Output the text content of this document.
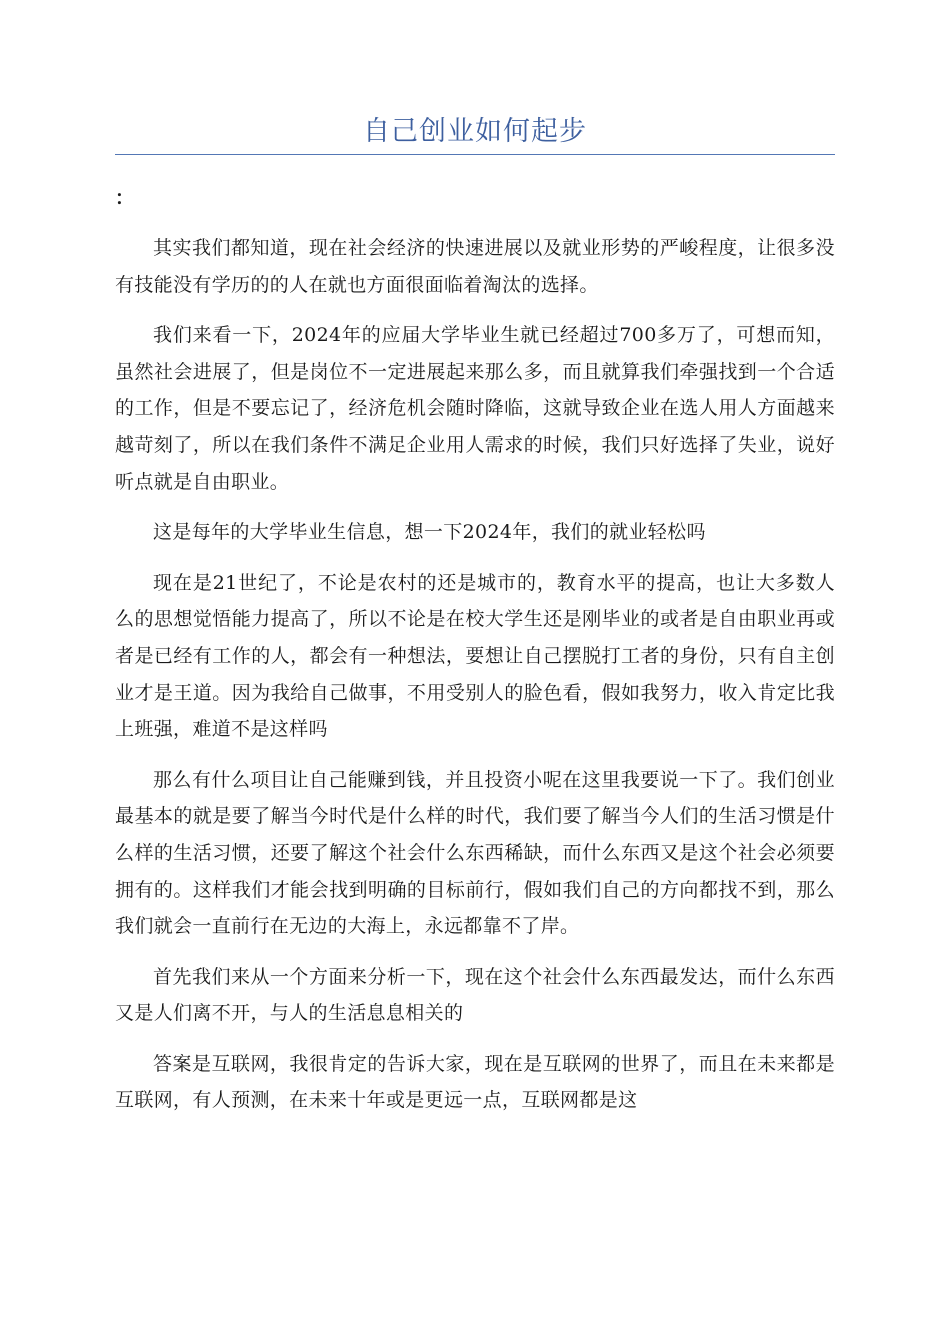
自己创业如何起步
：

其实我们都知道，现在社会经济的快速进展以及就业形势的严峻程度，让很多没有技能没有学历的的人在就也方面很面临着淘汰的选择。

我们来看一下，2024年的应届大学毕业生就已经超过700多万了，可想而知，虽然社会进展了，但是岗位不一定进展起来那么多，而且就算我们牵强找到一个合适的工作，但是不要忘记了，经济危机会随时降临，这就导致企业在选人用人方面越来越苛刻了，所以在我们条件不满足企业用人需求的时候，我们只好选择了失业，说好听点就是自由职业。

这是每年的大学毕业生信息，想一下2024年，我们的就业轻松吗

现在是21世纪了，不论是农村的还是城市的，教育水平的提高，也让大多数人么的思想觉悟能力提高了，所以不论是在校大学生还是刚毕业的或者是自由职业再或者是已经有工作的人，都会有一种想法，要想让自己摆脱打工者的身份，只有自主创业才是王道。因为我给自己做事，不用受别人的脸色看，假如我努力，收入肯定比我上班强，难道不是这样吗

那么有什么项目让自己能赚到钱，并且投资小呢在这里我要说一下了。我们创业最基本的就是要了解当今时代是什么样的时代，我们要了解当今人们的生活习惯是什么样的生活习惯，还要了解这个社会什么东西稀缺，而什么东西又是这个社会必须要拥有的。这样我们才能会找到明确的目标前行，假如我们自己的方向都找不到，那么我们就会一直前行在无边的大海上，永远都靠不了岸。

首先我们来从一个方面来分析一下，现在这个社会什么东西最发达，而什么东西又是人们离不开，与人的生活息息相关的

答案是互联网，我很肯定的告诉大家，现在是互联网的世界了，而且在未来都是互联网，有人预测，在未来十年或是更远一点，互联网都是这
